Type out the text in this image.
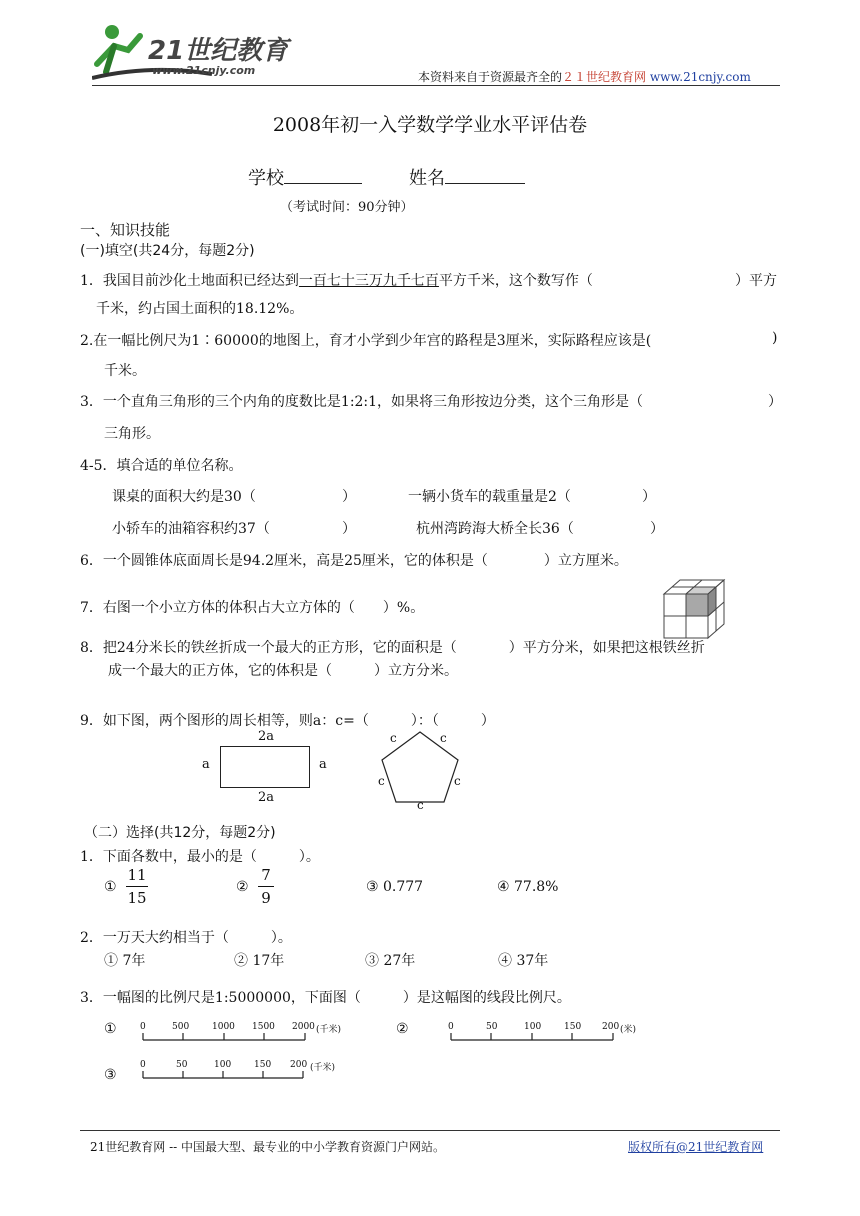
21世纪教育
www.21cnjy.com	本资料来自于资源最齐全的２１世纪教育网 www.21cnjy.com
2008年初一入学数学学业水平评估卷
学校	姓名
（考试时间：90分钟）
一、知识技能
(一)填空(共24分，每题2分)
1．我国目前沙化土地面积已经达到一百七十三万九千七百平方千米，这个数写作（	）平方
千米，约占国土面积的18.12%。
2.在一幅比例尺为1∶60000的地图上，育才小学到少年宫的路程是3厘米，实际路程应该是(	)
千米。
3．一个直角三角形的三个内角的度数比是1:2:1，如果将三角形按边分类，这个三角形是（	）
三角形。
4-5．填合适的单位名称。
课桌的面积大约是30（	）	一辆小货车的载重量是2（	）
小轿车的油箱容积约37（	）	杭州湾跨海大桥全长36（	）
6．一个圆锥体底面周长是94.2厘米，高是25厘米，它的体积是（	）立方厘米。
7．右图一个小立方体的体积占大立方体的（　　）%。
8．把24分米长的铁丝折成一个最大的正方形，它的面积是（	）平方分米，如果把这根铁丝折
成一个最大的正方体，它的体积是（　　　）立方分米。
9．如下图，两个图形的周长相等，则a：c=（　　　）：（　　　）
2a
2a
a	a
c	c
c	c
c
（二）选择(共12分，每题2分)
1．下面各数中，最小的是（　　　）。
①
11
15
②
7
9
③ 0.777	④ 77.8%
2．一万天大约相当于（　　　）。
① 7年	② 17年	③ 27年	④ 37年
3．一幅图的比例尺是1:5000000，下面图（　　　）是这幅图的线段比例尺。
①	0	500	1000 1500 2000 (千米)	②	0	50	100	150 200 (米)
③
0	50	100	150 200 (千米)
21世纪教育网 -- 中国最大型、最专业的中小学教育资源门户网站。	版权所有@21世纪教育网
